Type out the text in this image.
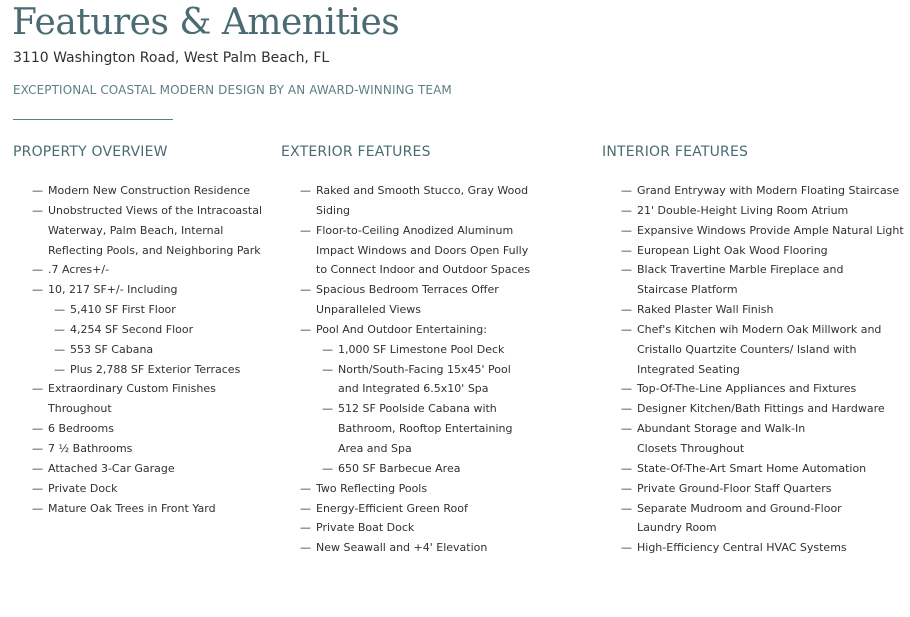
Features & Amenities
3110 Washington Road, West Palm Beach, FL
EXCEPTIONAL COASTAL MODERN DESIGN BY AN AWARD-WINNING TEAM
PROPERTY OVERVIEW
— Modern New Construction Residence
— Unobstructed Views of the Intracoastal
Waterway, Palm Beach, Internal
Reflecting Pools, and Neighboring Park
— .7 Acres+/-
— 10, 217 SF+/- Including
— 5,410 SF First Floor
— 4,254 SF Second Floor
— 553 SF Cabana
— Plus 2,788 SF Exterior Terraces
— Extraordinary Custom Finishes
Throughout
— 6 Bedrooms
— 7 ½ Bathrooms
— Attached 3-Car Garage
— Private Dock
— Mature Oak Trees in Front Yard
EXTERIOR FEATURES
— Raked and Smooth Stucco, Gray Wood
Siding
— Floor-to-Ceiling Anodized Aluminum
Impact Windows and Doors Open Fully
to Connect Indoor and Outdoor Spaces
— Spacious Bedroom Terraces Offer
Unparalleled Views
— Pool And Outdoor Entertaining:
— 1,000 SF Limestone Pool Deck
— North/South-Facing 15x45' Pool
and Integrated 6.5x10' Spa
— 512 SF Poolside Cabana with
Bathroom, Rooftop Entertaining
Area and Spa
— 650 SF Barbecue Area
— Two Reflecting Pools
— Energy-Efficient Green Roof
— Private Boat Dock
— New Seawall and +4' Elevation
INTERIOR FEATURES
— Grand Entryway with Modern Floating Staircase
— 21' Double-Height Living Room Atrium
— Expansive Windows Provide Ample Natural Light
— European Light Oak Wood Flooring
— Black Travertine Marble Fireplace and
Staircase Platform
— Raked Plaster Wall Finish
— Chef's Kitchen wih Modern Oak Millwork and
Cristallo Quartzite Counters/ Island with
Integrated Seating
— Top-Of-The-Line Appliances and Fixtures
— Designer Kitchen/Bath Fittings and Hardware
— Abundant Storage and Walk-In
Closets Throughout
— State-Of-The-Art Smart Home Automation
— Private Ground-Floor Staff Quarters
— Separate Mudroom and Ground-Floor
Laundry Room
— High-Efficiency Central HVAC Systems
